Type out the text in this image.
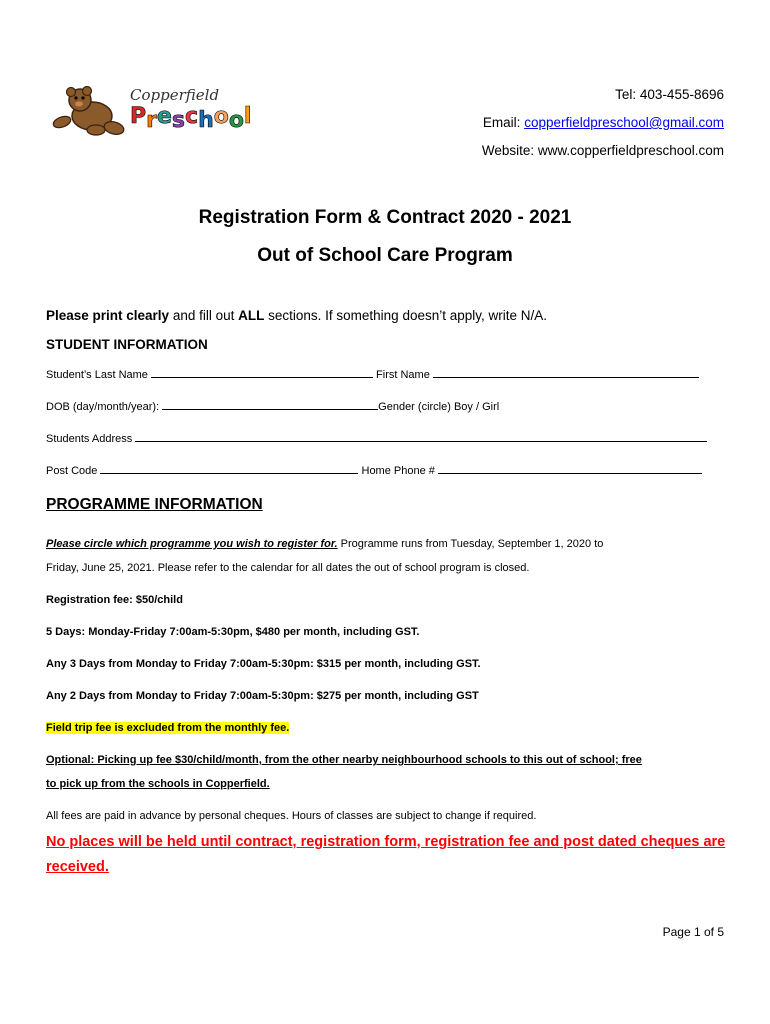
Copperfield
Preschool
Tel: 403-455-8696
Email: copperfieldpreschool@gmail.com
Website: www.copperfieldpreschool.com
Registration Form & Contract 2020 - 2021
Out of School Care Program
Please print clearly and fill out ALL sections. If something doesn’t apply, write N/A.
STUDENT INFORMATION
Student’s Last Name	First Name
DOB (day/month/year):	Gender (circle) Boy / Girl
Students Address
Post Code	Home Phone #
PROGRAMME INFORMATION
Please circle which programme you wish to register for. Programme runs from Tuesday, September 1, 2020 to
Friday, June 25, 2021. Please refer to the calendar for all dates the out of school program is closed.
Registration fee: $50/child
5 Days: Monday-Friday 7:00am-5:30pm, $480 per month, including GST.
Any 3 Days from Monday to Friday 7:00am-5:30pm: $315 per month, including GST.
Any 2 Days from Monday to Friday 7:00am-5:30pm: $275 per month, including GST
Field trip fee is excluded from the monthly fee.
Optional: Picking up fee $30/child/month, from the other nearby neighbourhood schools to this out of school; free
to pick up from the schools in Copperfield.
All fees are paid in advance by personal cheques. Hours of classes are subject to change if required.
No places will be held until contract, registration form, registration fee and post dated cheques are received.
Page 1 of 5
